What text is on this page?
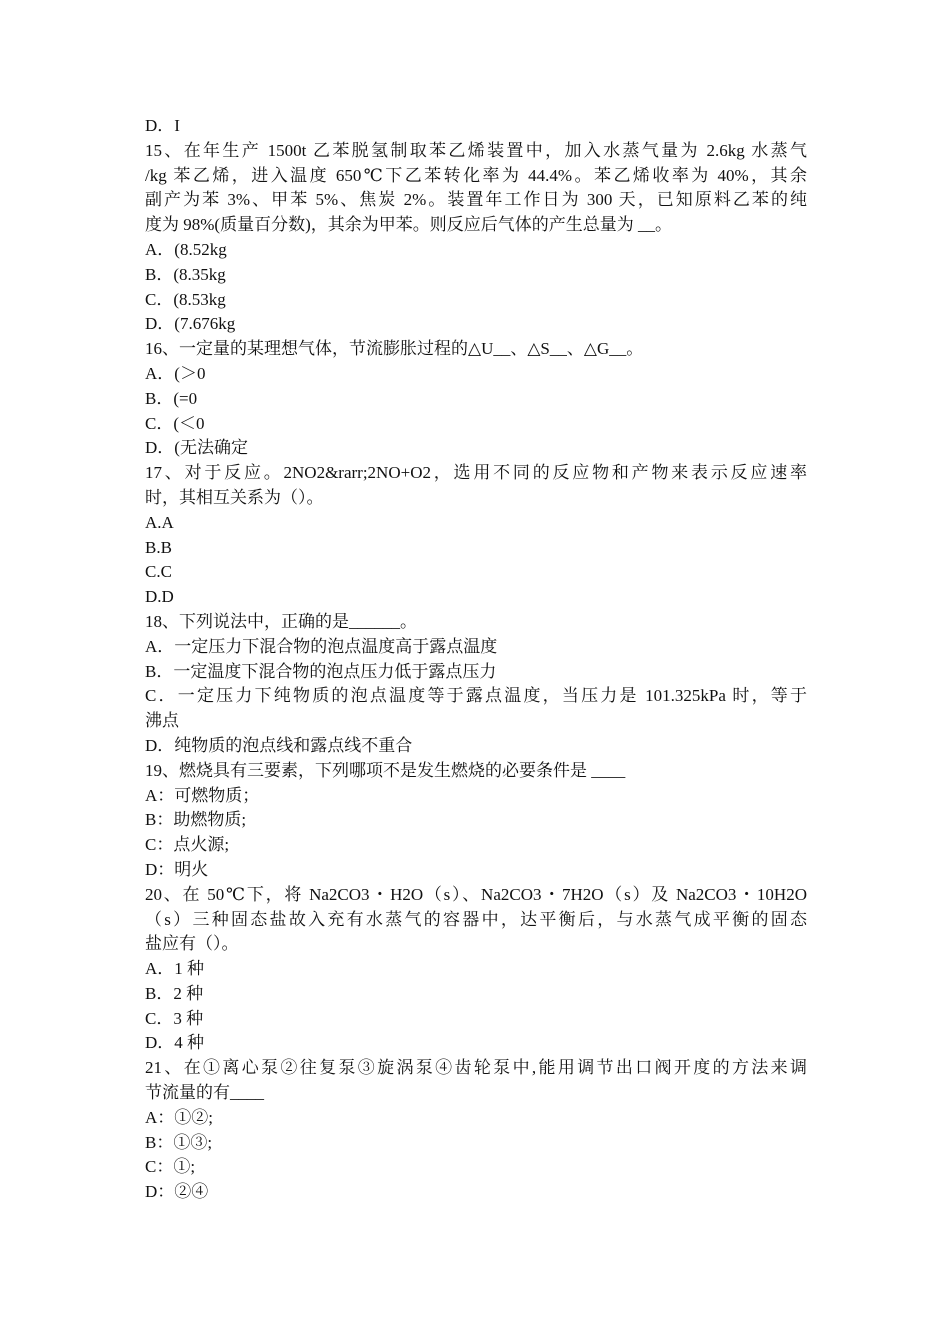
D．I
15、在年生产 1500t 乙苯脱氢制取苯乙烯装置中，加入水蒸气量为 2.6kg 水蒸气
/kg 苯乙烯，进入温度 650℃下乙苯转化率为 44.4%。苯乙烯收率为 40%，其余
副产为苯 3%、甲苯 5%、焦炭 2%。装置年工作日为 300 天，已知原料乙苯的纯
度为 98%(质量百分数)，其余为甲苯。则反应后气体的产生总量为 __。
A．(8.52kg
B．(8.35kg
C．(8.53kg
D．(7.676kg
16、一定量的某理想气体，节流膨胀过程的△U__、△S__、△G__。
A．(＞0
B．(=0
C．(＜0
D．(无法确定
17、对于反应。2NO2&rarr;2NO+O2，选用不同的反应物和产物来表示反应速率
时，其相互关系为（）。
A.A
B.B
C.C
D.D
18、下列说法中，正确的是______。
A．一定压力下混合物的泡点温度高于露点温度
B．一定温度下混合物的泡点压力低于露点压力
C．一定压力下纯物质的泡点温度等于露点温度，当压力是 101.325kPa 时，等于
沸点
D．纯物质的泡点线和露点线不重合
19、燃烧具有三要素，下列哪项不是发生燃烧的必要条件是 ____
A：可燃物质；
B：助燃物质;
C：点火源;
D：明火
20、在 50℃下，将 Na2CO3・H2O（s）、Na2CO3・7H2O（s）及 Na2CO3・10H2O
（s）三种固态盐故入充有水蒸气的容器中，达平衡后，与水蒸气成平衡的固态
盐应有（）。
A．1 种
B．2 种
C．3 种
D．4 种
21、在①离心泵②往复泵③旋涡泵④齿轮泵中,能用调节出口阀开度的方法来调
节流量的有____
A：①②;
B：①③;
C：①;
D：②④
